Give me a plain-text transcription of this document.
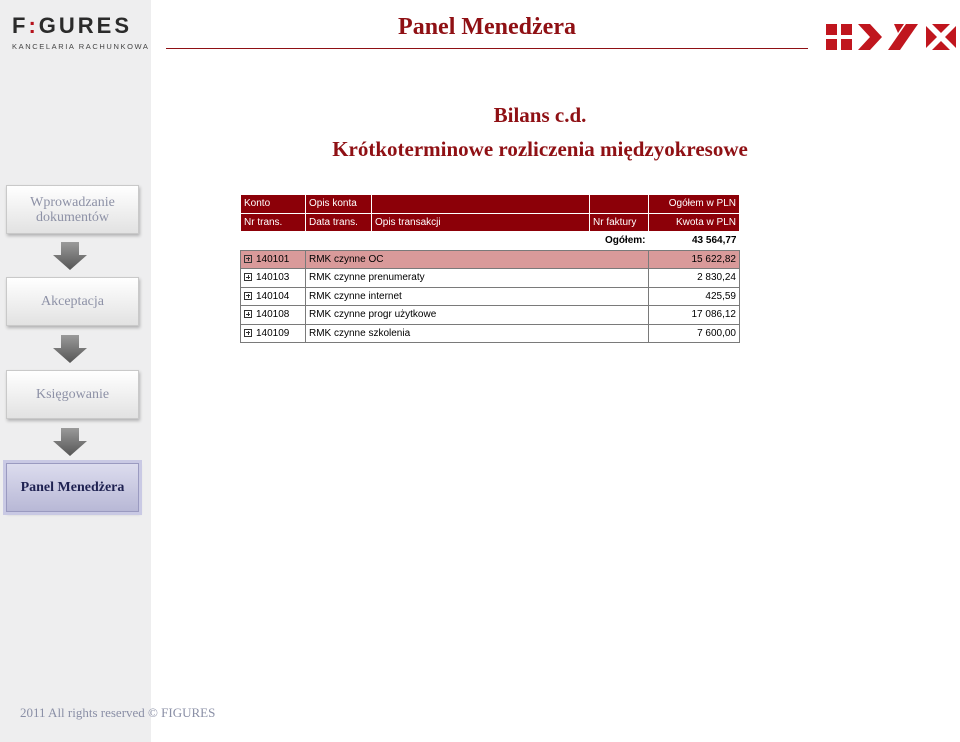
F:GURES
KANCELARIA RACHUNKOWA
Wprowadzanie dokumentów
Akceptacja
Księgowanie
Panel Menedżera
Panel Menedżera
Bilans c.d.
Krótkoterminowe rozliczenia międzyokresowe
Konto	Opis konta			Ogółem w PLN
Nr trans.	Data trans.	Opis transakcji	Nr faktury	Kwota w PLN
Ogółem:				43 564,77
140101	RMK czynne OC			15 622,82
140103	RMK czynne prenumeraty			2 830,24
140104	RMK czynne internet			425,59
140108	RMK czynne progr użytkowe			17 086,12
140109	RMK czynne szkolenia			7 600,00
2011 All rights reserved © FIGURES
